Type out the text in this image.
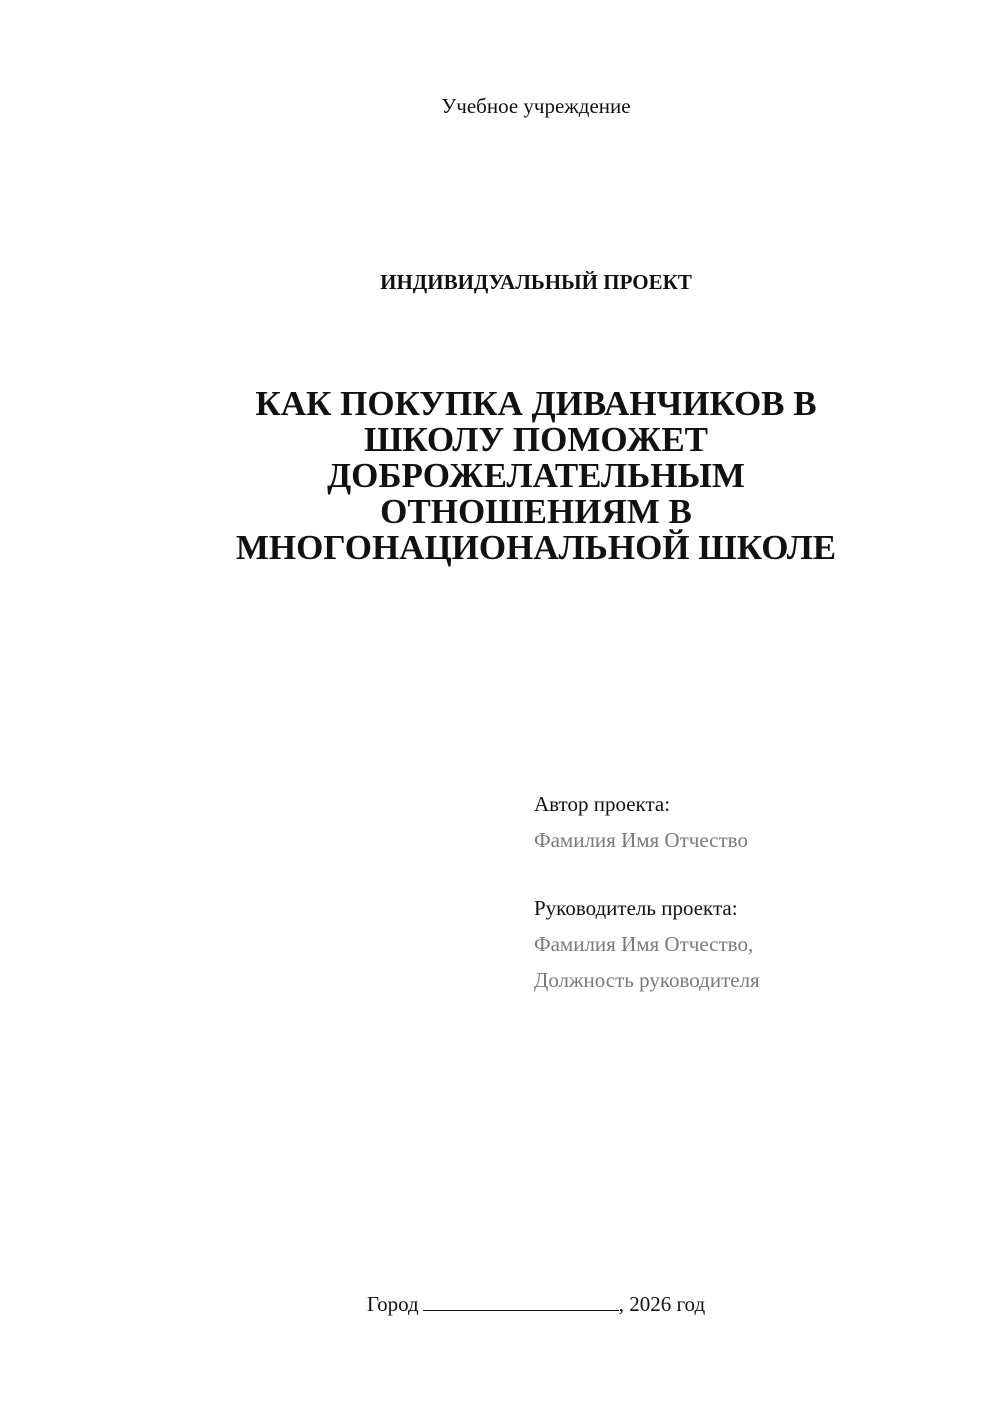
Учебное учреждение
ИНДИВИДУАЛЬНЫЙ ПРОЕКТ
КАК ПОКУПКА ДИВАНЧИКОВ В
ШКОЛУ ПОМОЖЕТ
ДОБРОЖЕЛАТЕЛЬНЫМ
ОТНОШЕНИЯМ В
МНОГОНАЦИОНАЛЬНОЙ ШКОЛЕ
Автор проекта:
Фамилия Имя Отчество
Руководитель проекта:
Фамилия Имя Отчество,
Должность руководителя
Город	, 2026 год
